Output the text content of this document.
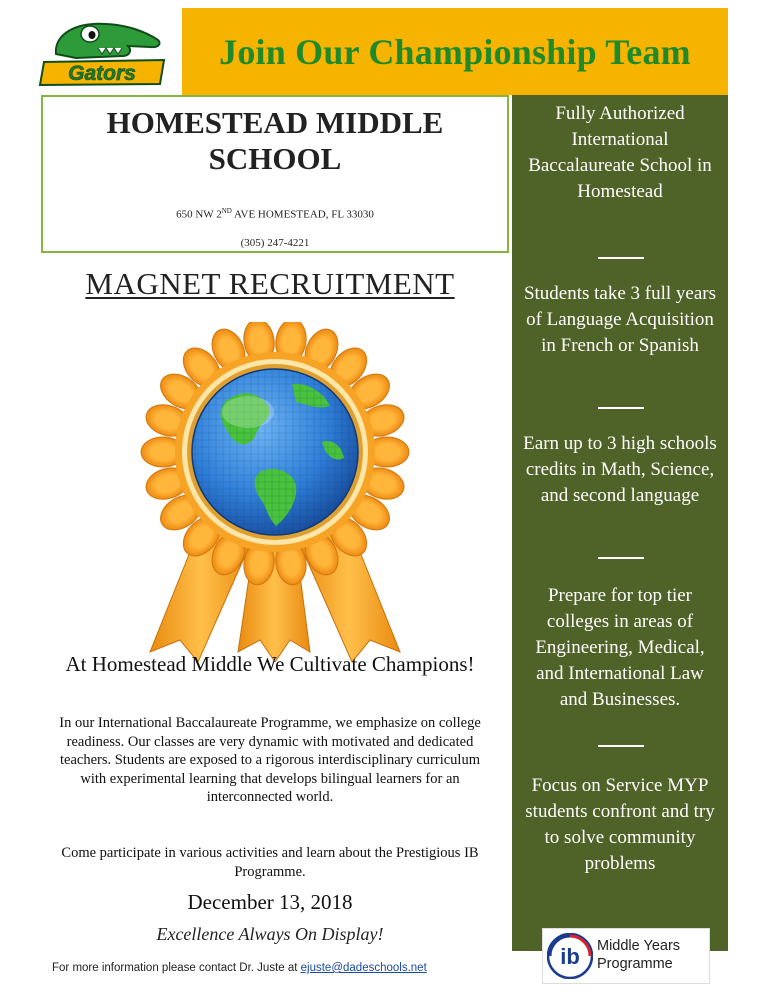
Join Our Championship Team
Gators
HOMESTEAD MIDDLE
SCHOOL
650 NW 2ND AVE HOMESTEAD, FL 33030
(305) 247-4221
MAGNET RECRUITMENT
Fully Authorized International Baccalaureate School in Homestead
Students take 3 full years of Language Acquisition in French or Spanish
Earn up to 3 high schools credits in Math, Science, and second language
Prepare for top tier colleges in areas of Engineering, Medical, and International Law and Businesses.
Focus on Service MYP students confront and try to solve community problems
At Homestead Middle We Cultivate Champions!
In our International Baccalaureate Programme, we emphasize on college readiness. Our classes are very dynamic with motivated and dedicated teachers. Students are exposed to a rigorous interdisciplinary curriculum with experimental learning that develops bilingual learners for an interconnected world.
Come participate in various activities and learn about the Prestigious IB Programme.
December 13, 2018
Excellence Always On Display!
For more information please contact Dr. Juste at ejuste@dadeschools.net	ib Middle Years
Programme
